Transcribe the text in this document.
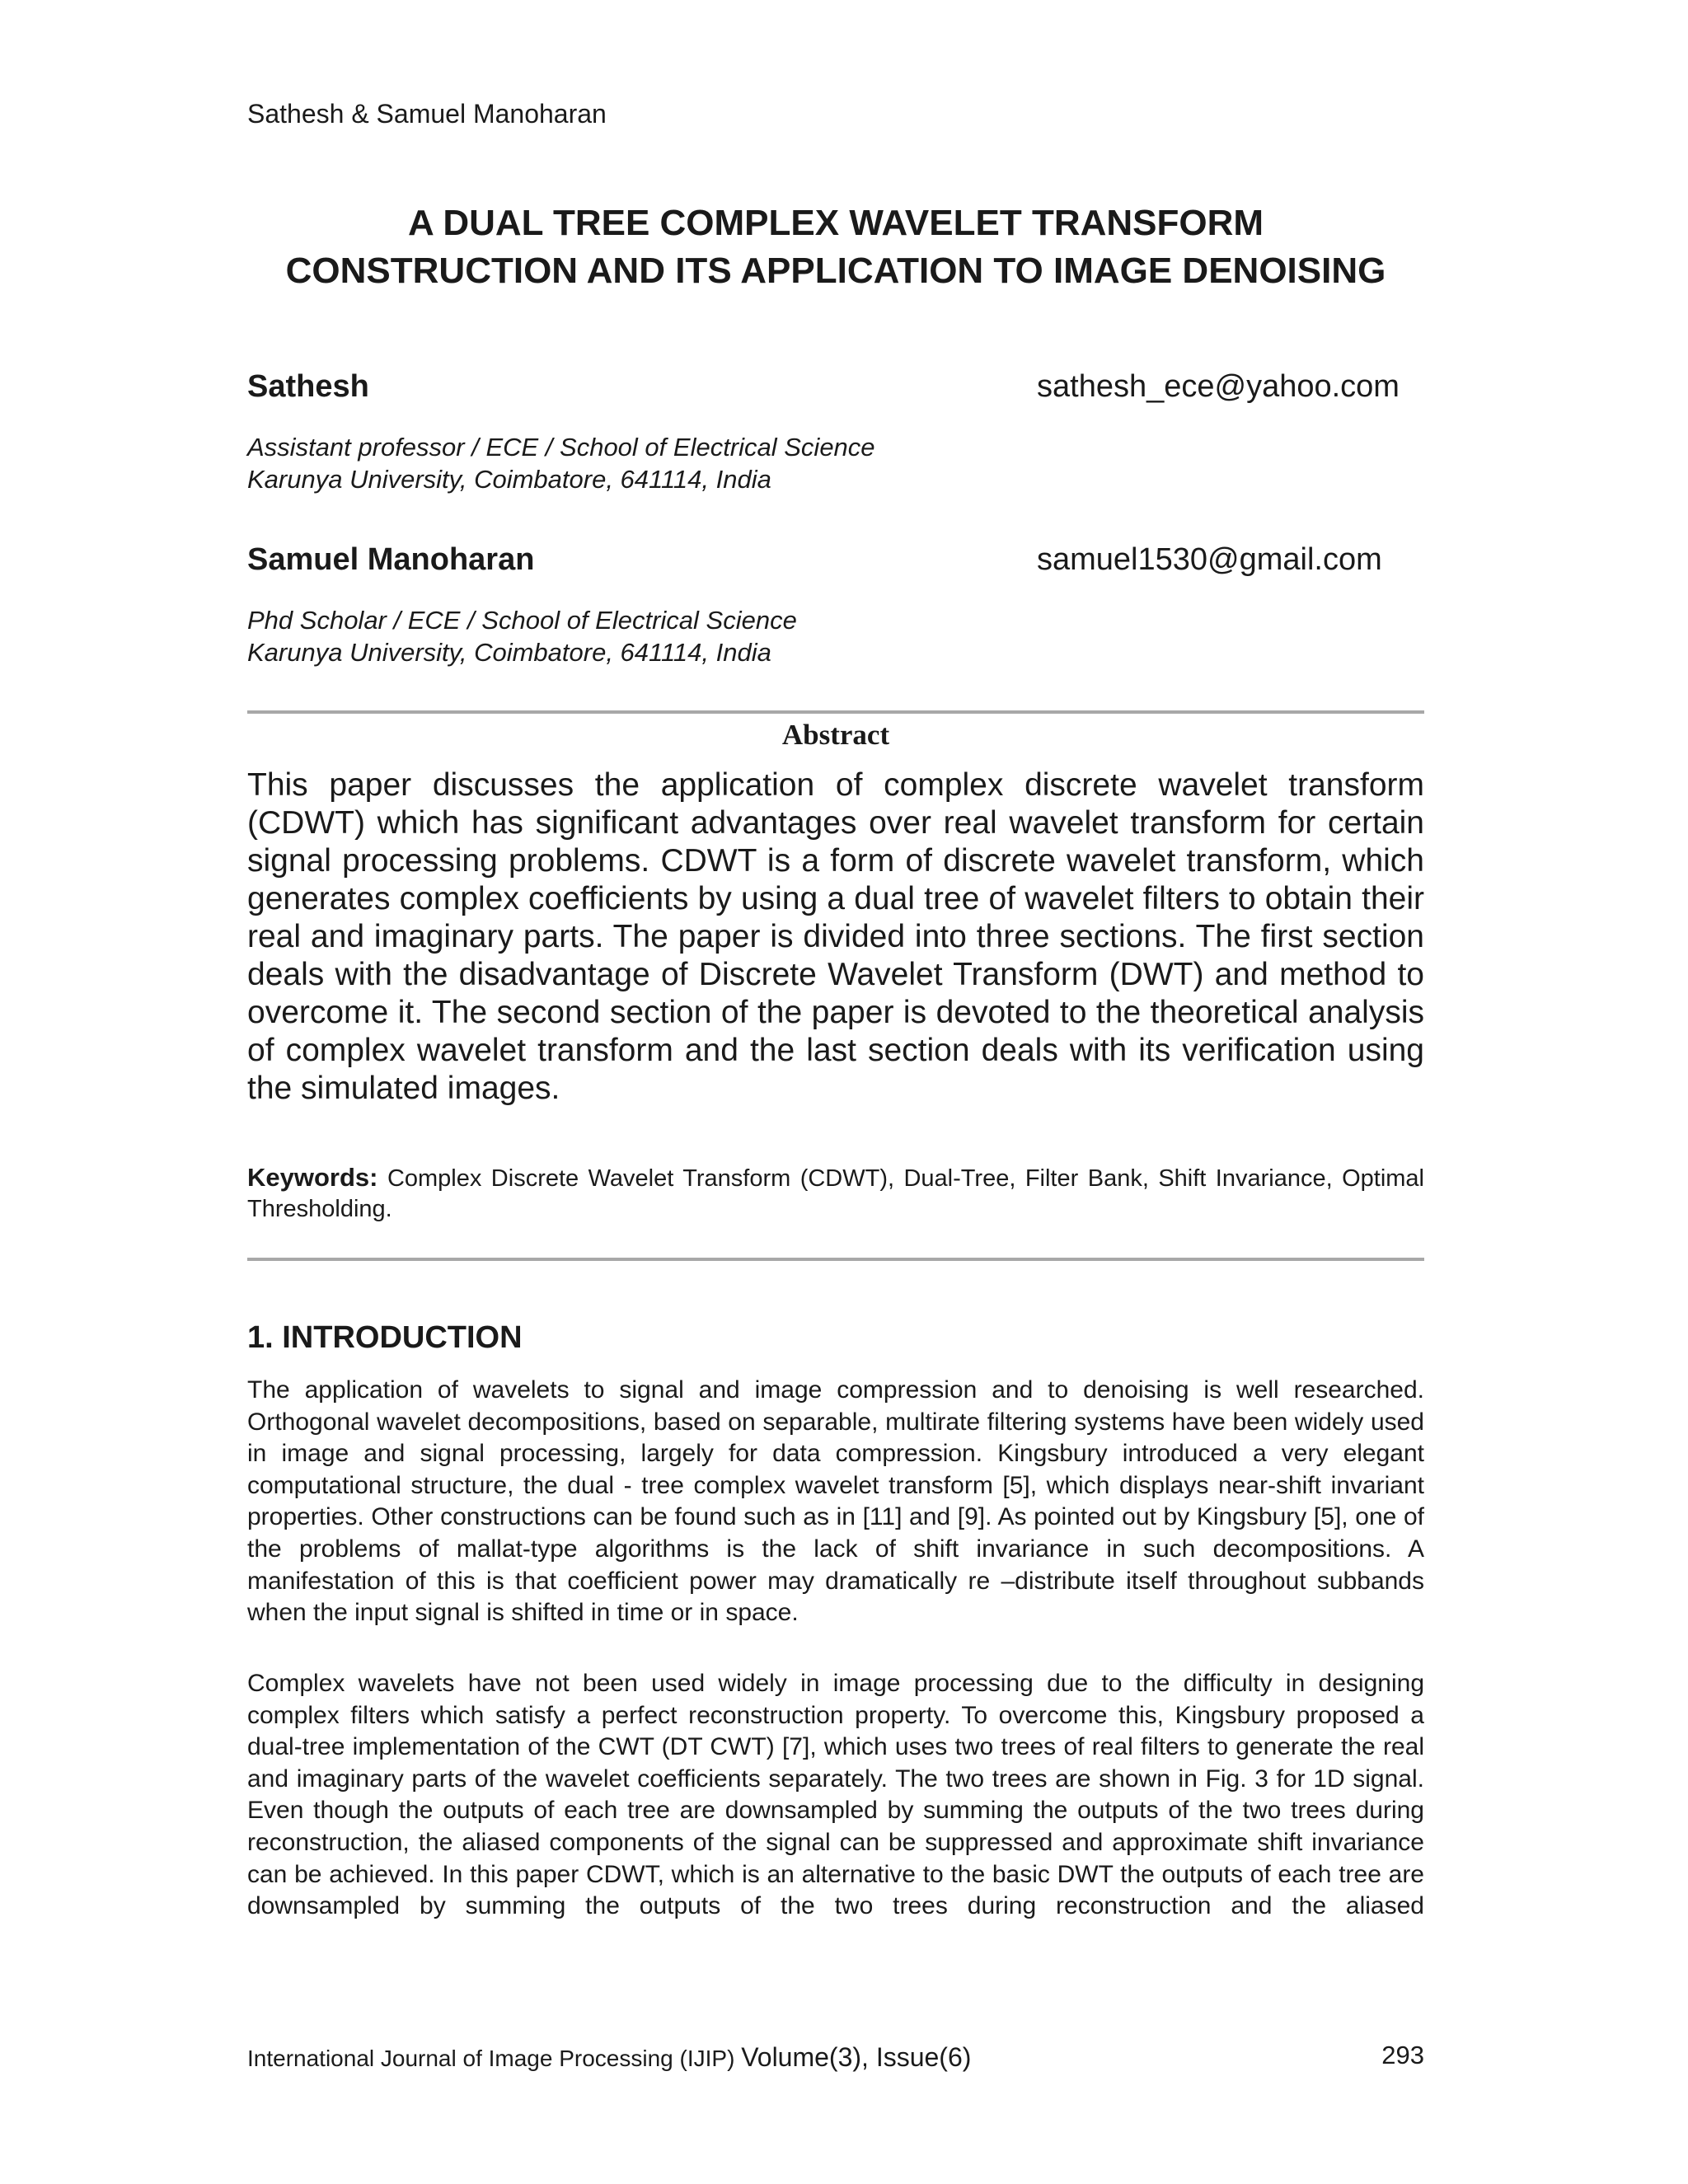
Sathesh & Samuel Manoharan
A DUAL TREE COMPLEX WAVELET TRANSFORM
CONSTRUCTION AND ITS APPLICATION TO IMAGE DENOISING
Sathesh	sathesh_ece@yahoo.com
Assistant professor / ECE / School of Electrical Science
Karunya University, Coimbatore, 641114, India
Samuel Manoharan	samuel1530@gmail.com
Phd Scholar / ECE / School of Electrical Science
Karunya University, Coimbatore, 641114, India
Abstract
This paper discusses the application of complex discrete wavelet transform (CDWT) which has significant advantages over real wavelet transform for certain signal processing problems. CDWT is a form of discrete wavelet transform, which generates complex coefficients by using a dual tree of wavelet filters to obtain their real and imaginary parts. The paper is divided into three sections. The first section deals with the disadvantage of Discrete Wavelet Transform (DWT) and method to overcome it. The second section of the paper is devoted to the theoretical analysis of complex wavelet transform and the last section deals with its verification using the simulated images.
Keywords: Complex Discrete Wavelet Transform (CDWT), Dual-Tree, Filter Bank, Shift Invariance, Optimal Thresholding.
1. INTRODUCTION
The application of wavelets to signal and image compression and to denoising is well researched. Orthogonal wavelet decompositions, based on separable, multirate filtering systems have been widely used in image and signal processing, largely for data compression. Kingsbury introduced a very elegant computational structure, the dual - tree complex wavelet transform [5], which displays near-shift invariant properties. Other constructions can be found such as in [11] and [9]. As pointed out by Kingsbury [5], one of the problems of mallat-type algorithms is the lack of shift invariance in such decompositions. A manifestation of this is that coefficient power may dramatically re –distribute itself throughout subbands when the input signal is shifted in time or in space.
Complex wavelets have not been used widely in image processing due to the difficulty in designing complex filters which satisfy a perfect reconstruction property. To overcome this, Kingsbury proposed a dual-tree implementation of the CWT (DT CWT) [7], which uses two trees of real filters to generate the real and imaginary parts of the wavelet coefficients separately. The two trees are shown in Fig. 3 for 1D signal. Even though the outputs of each tree are downsampled by summing the outputs of the two trees during reconstruction, the aliased components of the signal can be suppressed and approximate shift invariance can be achieved. In this paper CDWT, which is an alternative to the basic DWT the outputs of each tree are downsampled by summing the outputs of the two trees during reconstruction and the aliased
International Journal of Image Processing (IJIP) Volume(3), Issue(6)	293
